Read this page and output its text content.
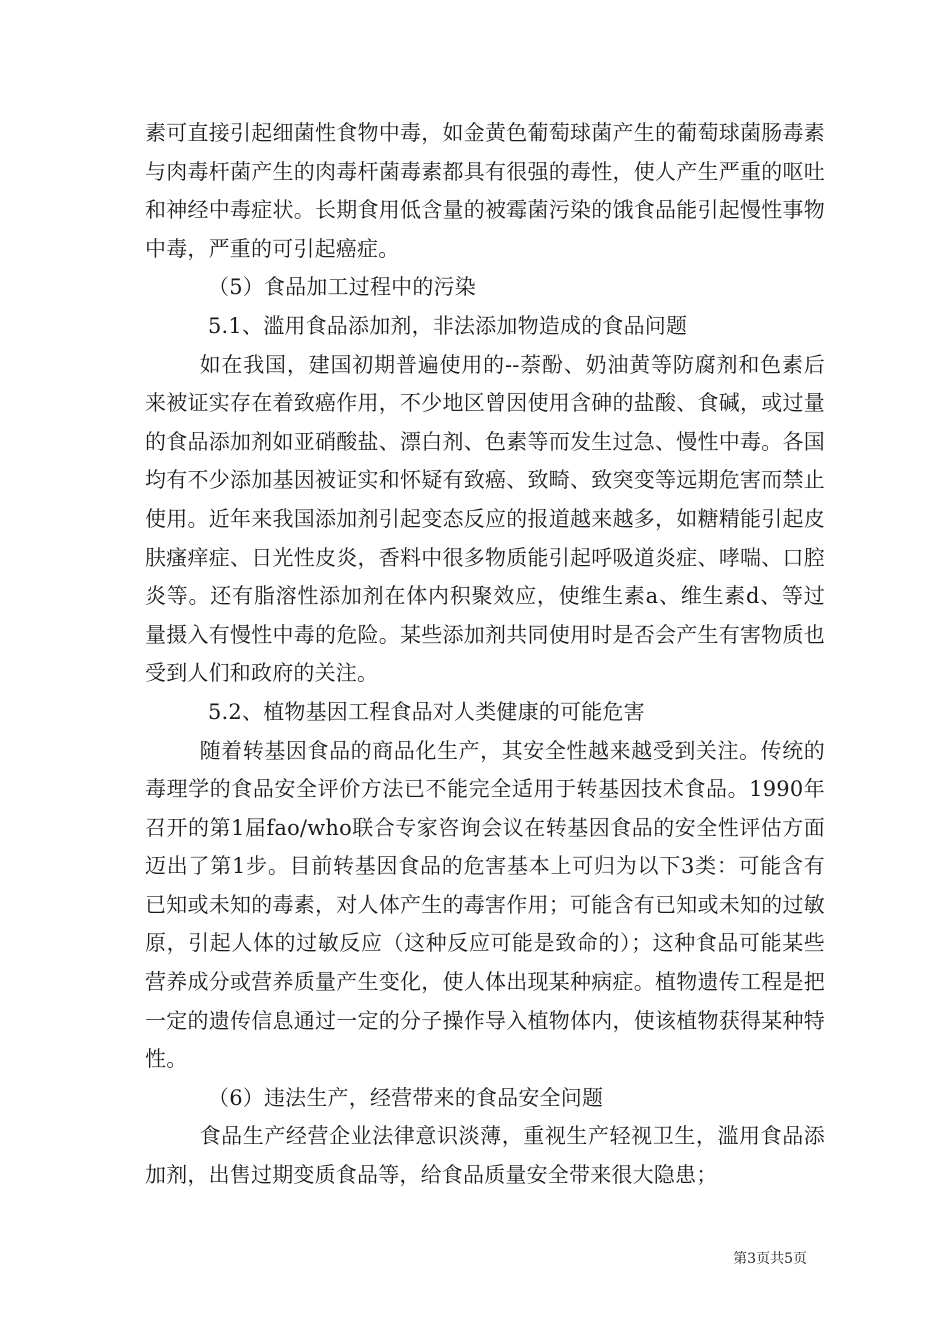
素可直接引起细菌性食物中毒，如金黄色葡萄球菌产生的葡萄球菌肠毒素与肉毒杆菌产生的肉毒杆菌毒素都具有很强的毒性，使人产生严重的呕吐和神经中毒症状。长期食用低含量的被霉菌污染的饿食品能引起慢性事物中毒，严重的可引起癌症。

（5）食品加工过程中的污染

5.1、滥用食品添加剂，非法添加物造成的食品问题

如在我国，建国初期普遍使用的--萘酚、奶油黄等防腐剂和色素后来被证实存在着致癌作用，不少地区曾因使用含砷的盐酸、食碱，或过量的食品添加剂如亚硝酸盐、漂白剂、色素等而发生过急、慢性中毒。各国均有不少添加基因被证实和怀疑有致癌、致畸、致突变等远期危害而禁止使用。近年来我国添加剂引起变态反应的报道越来越多，如糖精能引起皮肤瘙痒症、日光性皮炎，香料中很多物质能引起呼吸道炎症、哮喘、口腔炎等。还有脂溶性添加剂在体内积聚效应，使维生素a、维生素d、等过量摄入有慢性中毒的危险。某些添加剂共同使用时是否会产生有害物质也受到人们和政府的关注。

5.2、植物基因工程食品对人类健康的可能危害

随着转基因食品的商品化生产，其安全性越来越受到关注。传统的毒理学的食品安全评价方法已不能完全适用于转基因技术食品。1990年召开的第1届fao/who联合专家咨询会议在转基因食品的安全性评估方面迈出了第1步。目前转基因食品的危害基本上可归为以下3类：可能含有已知或未知的毒素，对人体产生的毒害作用；可能含有已知或未知的过敏原，引起人体的过敏反应（这种反应可能是致命的）；这种食品可能某些营养成分或营养质量产生变化，使人体出现某种病症。植物遗传工程是把一定的遗传信息通过一定的分子操作导入植物体内，使该植物获得某种特性。

（6）违法生产，经营带来的食品安全问题

食品生产经营企业法律意识淡薄，重视生产轻视卫生，滥用食品添加剂，出售过期变质食品等，给食品质量安全带来很大隐患；

第3页共5页
